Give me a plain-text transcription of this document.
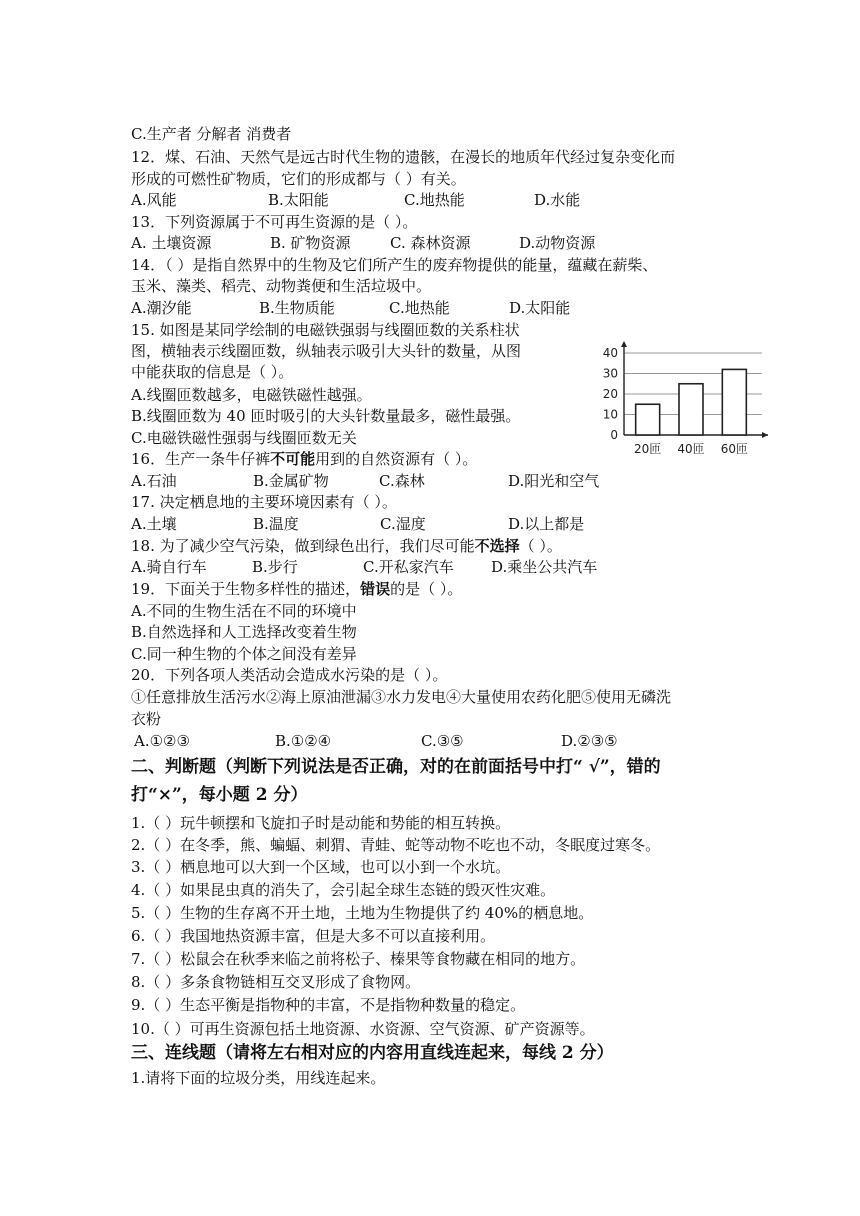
C.生产者 分解者 消费者
12．煤、石油、天然气是远古时代生物的遗骸，在漫长的地质年代经过复杂变化而
形成的可燃性矿物质，它们的形成都与（ ）有关。
A.风能	B.太阳能	C.地热能	D.水能
13．下列资源属于不可再生资源的是（ ）。
A. 土壤资源	B. 矿物资源	C. 森林资源	D.动物资源
14．（ ）是指自然界中的生物及它们所产生的废弃物提供的能量，蕴藏在薪柴、
玉米、藻类、稻壳、动物粪便和生活垃圾中。
A.潮汐能	B.生物质能	C.地热能	D.太阳能
15. 如图是某同学绘制的电磁铁强弱与线圈匝数的关系柱状
图，横轴表示线圈匝数，纵轴表示吸引大头针的数量，从图
中能获取的信息是（ ）。
A.线圈匝数越多，电磁铁磁性越强。
B.线圈匝数为 40 匝时吸引的大头针数量最多，磁性最强。
C.电磁铁磁性强弱与线圈匝数无关	0
10
20
30
40
20匝 40匝 60匝
16．生产一条牛仔裤不可能用到的自然资源有（ ）。
A.石油	B.金属矿物	C.森林	D.阳光和空气
17. 决定栖息地的主要环境因素有（ ）。
A.土壤	B.温度	C.湿度	D.以上都是
18. 为了减少空气污染，做到绿色出行，我们尽可能不选择（ ）。
A.骑自行车	B.步行	C.开私家汽车 D.乘坐公共汽车
19．下面关于生物多样性的描述，错误的是（ ）。
A.不同的生物生活在不同的环境中
B.自然选择和人工选择改变着生物
C.同一种生物的个体之间没有差异
20．下列各项人类活动会造成水污染的是（ ）。
①任意排放生活污水②海上原油泄漏③水力发电④大量使用农药化肥⑤使用无磷洗
衣粉
A.①②③	B.①②④	C.③⑤	D.②③⑤
二、判断题（判断下列说法是否正确，对的在前面括号中打“ √”，错的
打“×”，每小题 2 分）
1.（ ）玩牛顿摆和飞旋扣子时是动能和势能的相互转换。
2.（ ）在冬季，熊、蝙蝠、刺猬、青蛙、蛇等动物不吃也不动，冬眠度过寒冬。
3.（ ）栖息地可以大到一个区域，也可以小到一个水坑。
4.（ ）如果昆虫真的消失了，会引起全球生态链的毁灭性灾难。
5.（ ）生物的生存离不开土地，土地为生物提供了约 40%的栖息地。
6.（ ）我国地热资源丰富，但是大多不可以直接利用。
7.（ ）松鼠会在秋季来临之前将松子、榛果等食物藏在相同的地方。
8.（ ）多条食物链相互交叉形成了食物网。
9.（ ）生态平衡是指物种的丰富，不是指物种数量的稳定。
10.（ ）可再生资源包括土地资源、水资源、空气资源、矿产资源等。
三、连线题（请将左右相对应的内容用直线连起来，每线 2 分）
1.请将下面的垃圾分类，用线连起来。
